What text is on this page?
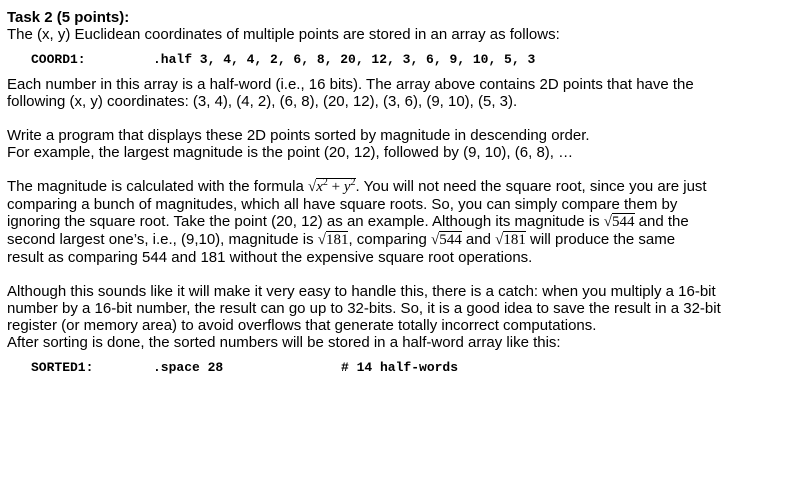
Task 2 (5 points):

The (x, y) Euclidean coordinates of multiple points are stored in an array as follows:

COORD1:	.half 3, 4, 4, 2, 6, 8, 20, 12, 3, 6, 9, 10, 5, 3

Each number in this array is a half-word (i.e., 16 bits). The array above contains 2D points that have the

following (x, y) coordinates: (3, 4), (4, 2), (6, 8), (20, 12), (3, 6), (9, 10), (5, 3).

Write a program that displays these 2D points sorted by magnitude in descending order.

For example, the largest magnitude is the point (20, 12), followed by (9, 10), (6, 8), …

The magnitude is calculated with the formula $√x^2 + y^2$. You will not need the square root, since you are just

comparing a bunch of magnitudes, which all have square roots. So, you can simply compare them by

ignoring the square root. Take the point (20, 12) as an example. Although its magnitude is √544 and the

second largest one’s, i.e., (9,10), magnitude is √181, comparing √544 and √181 will produce the same

result as comparing 544 and 181 without the expensive square root operations.

Although this sounds like it will make it very easy to handle this, there is a catch: when you multiply a 16-bit

number by a 16-bit number, the result can go up to 32-bits. So, it is a good idea to save the result in a 32-bit

register (or memory area) to avoid overflows that generate totally incorrect computations.

After sorting is done, the sorted numbers will be stored in a half-word array like this:

SORTED1:	.space 28	# 14 half-words
